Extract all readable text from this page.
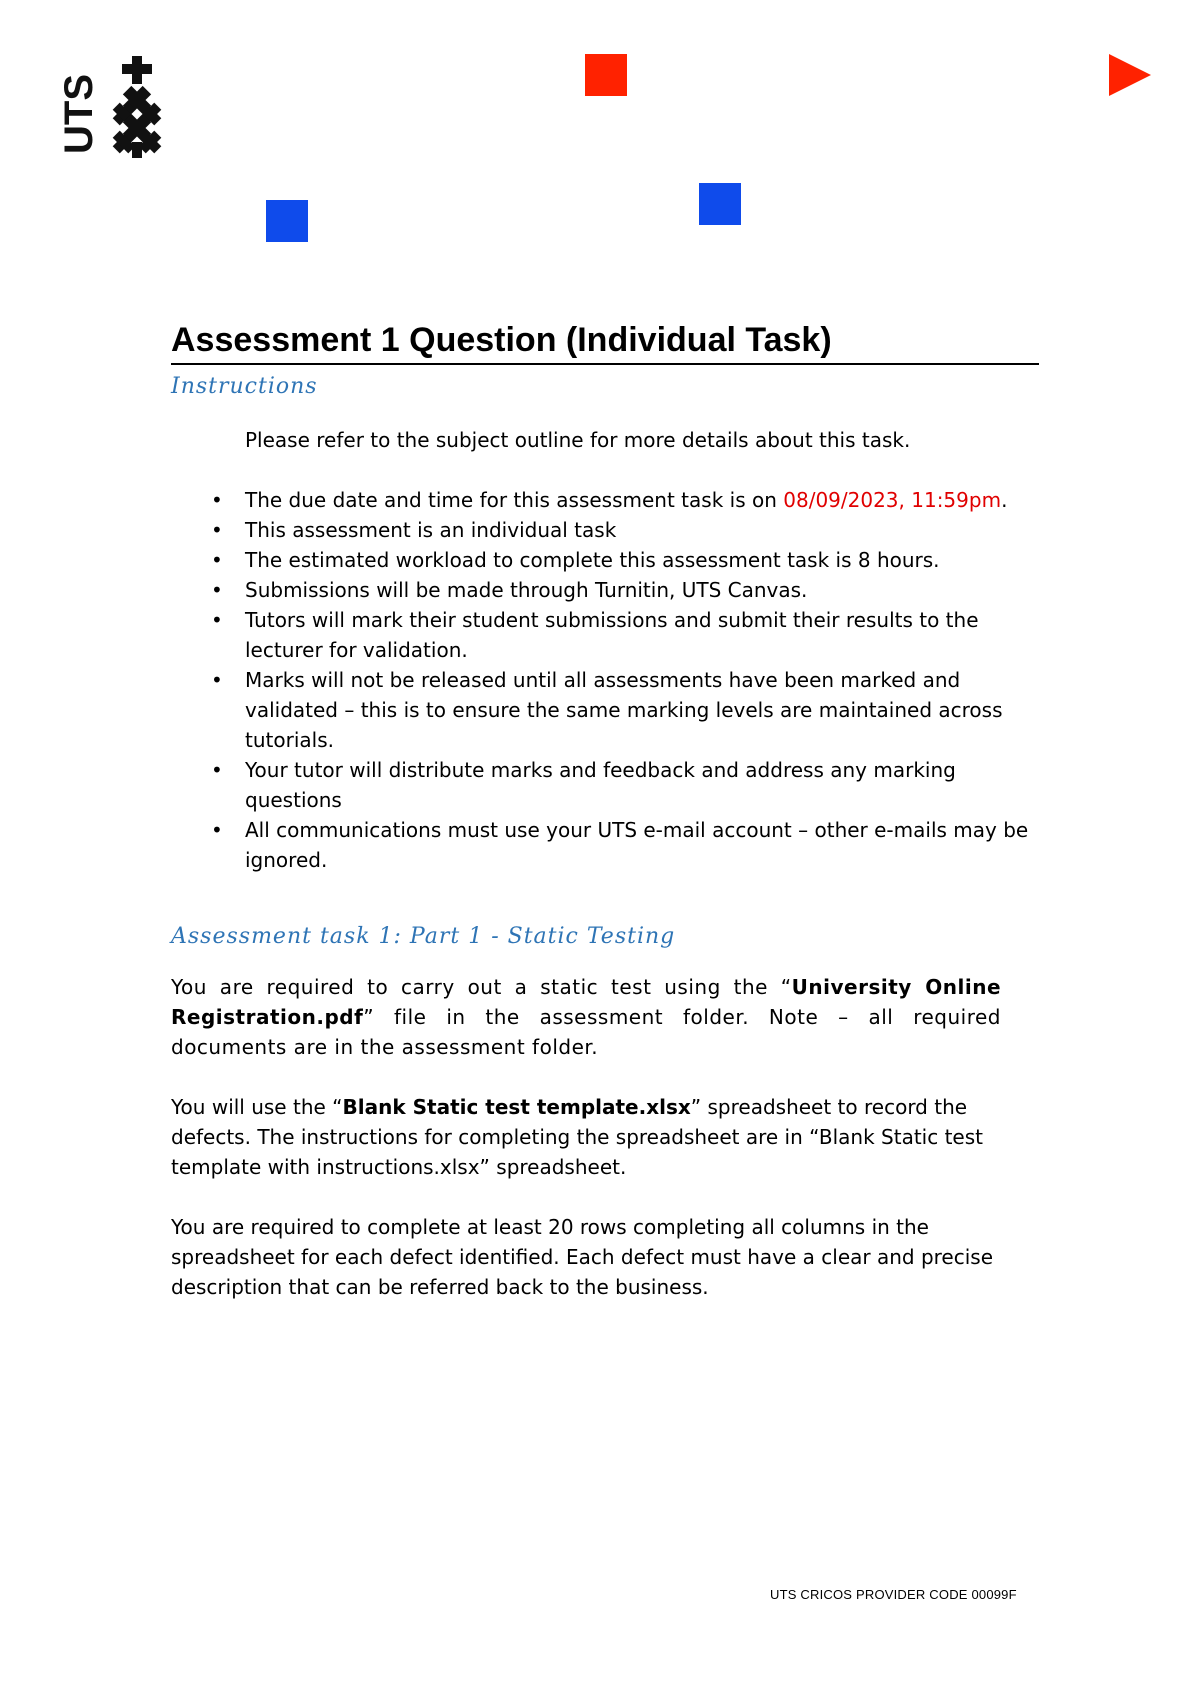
UTS
Assessment 1 Question (Individual Task)
Instructions
Please refer to the subject outline for more details about this task.
• The due date and time for this assessment task is on 08/09/2023, 11:59pm.
• This assessment is an individual task
• The estimated workload to complete this assessment task is 8 hours.
• Submissions will be made through Turnitin, UTS Canvas.
• Tutors will mark their student submissions and submit their results to the lecturer for validation.
• Marks will not be released until all assessments have been marked and validated – this is to ensure the same marking levels are maintained across tutorials.
• Your tutor will distribute marks and feedback and address any marking questions
• All communications must use your UTS e-mail account – other e-mails may be ignored.
Assessment task 1: Part 1 - Static Testing

You are required to carry out a static test using the “University Online Registration.pdf” file in the assessment folder. Note – all required documents are in the assessment folder.

You will use the “Blank Static test template.xlsx” spreadsheet to record the defects. The instructions for completing the spreadsheet are in “Blank Static test template with instructions.xlsx” spreadsheet.

You are required to complete at least 20 rows completing all columns in the spreadsheet for each defect identified. Each defect must have a clear and precise description that can be referred back to the business.

UTS CRICOS PROVIDER CODE 00099F
